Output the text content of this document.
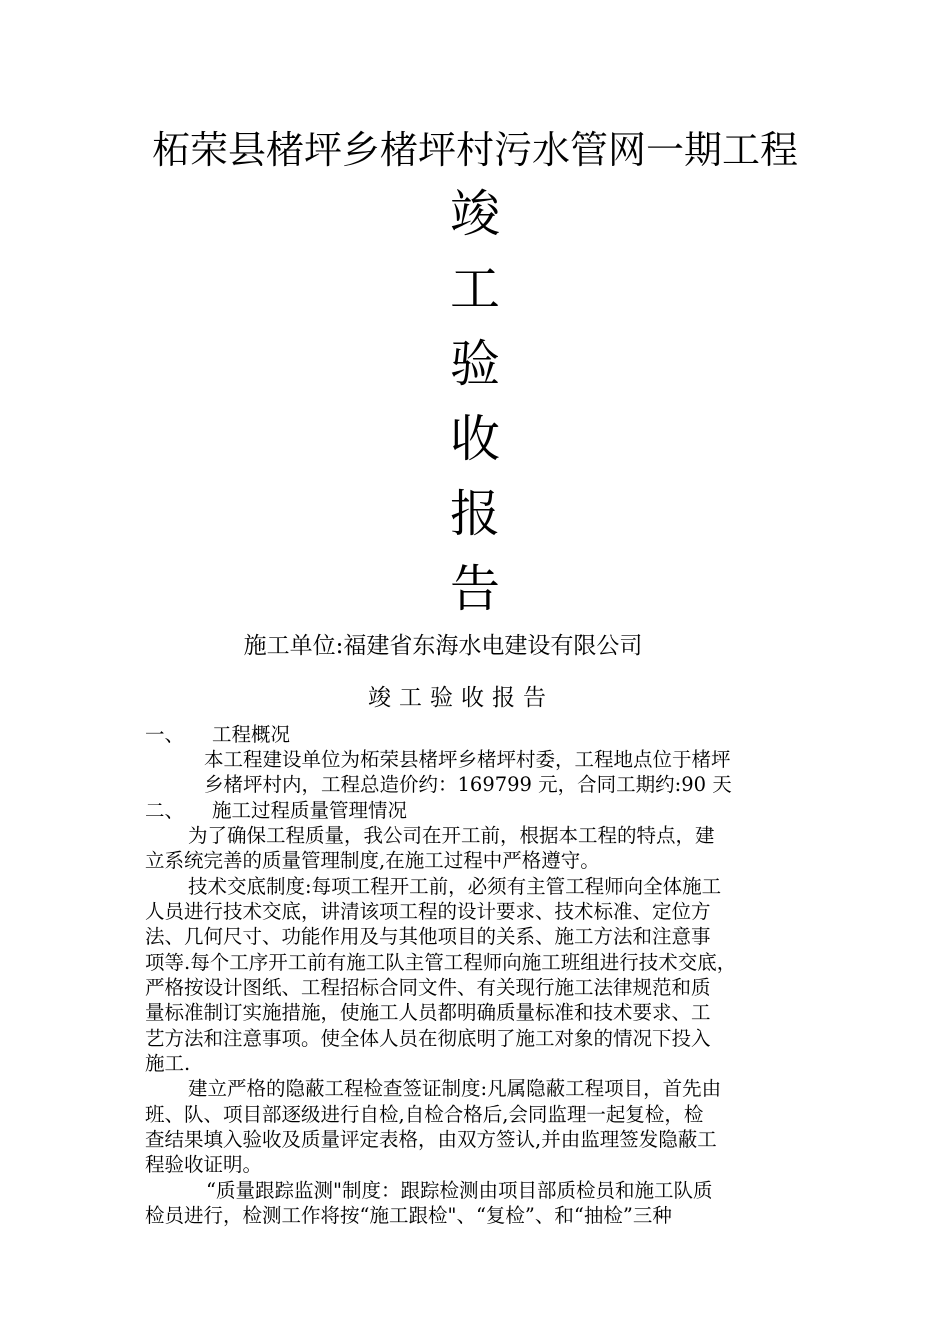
柘荣县楮坪乡楮坪村污水管网一期工程
竣
工
验
收
报
告
施工单位:福建省东海水电建设有限公司
竣工验收报告
一、 工程概况
本工程建设单位为柘荣县楮坪乡楮坪村委，工程地点位于楮坪
乡楮坪村内，工程总造价约：169799 元，合同工期约:90 天
二、 施工过程质量管理情况
为了确保工程质量，我公司在开工前，根据本工程的特点，建
立系统完善的质量管理制度,在施工过程中严格遵守。
技术交底制度:每项工程开工前，必须有主管工程师向全体施工
人员进行技术交底，讲清该项工程的设计要求、技术标准、定位方
法、几何尺寸、功能作用及与其他项目的关系、施工方法和注意事
项等.每个工序开工前有施工队主管工程师向施工班组进行技术交底，
严格按设计图纸、工程招标合同文件、有关现行施工法律规范和质
量标准制订实施措施，使施工人员都明确质量标准和技术要求、工
艺方法和注意事项。使全体人员在彻底明了施工对象的情况下投入
施工.
建立严格的隐蔽工程检查签证制度:凡属隐蔽工程项目，首先由
班、队、项目部逐级进行自检,自检合格后,会同监理一起复检，检
查结果填入验收及质量评定表格，由双方签认,并由监理签发隐蔽工
程验收证明。
“质量跟踪监测"制度：跟踪检测由项目部质检员和施工队质
检员进行，检测工作将按“施工跟检"、“复检”、和“抽检”三种
